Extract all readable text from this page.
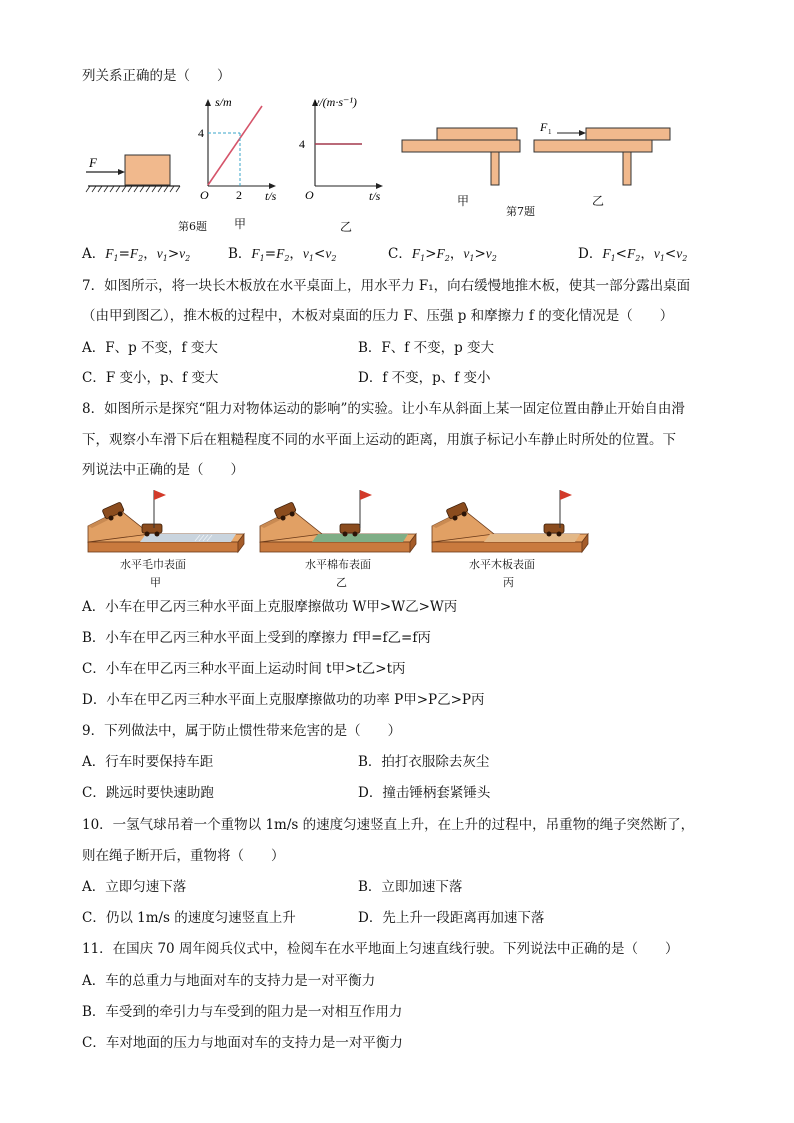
列关系正确的是（　　）
F
s/m
4
2
O	t/s
v/(m·s⁻¹)
4
O	t/s
F 1
第6题 甲	乙
甲
第7题
乙
A．$F_1=F_2$，$v_1>v_2$	B．$F_1=F_2$，$v_1<v_2$	C．$F_1>F_2$，$v_1>v_2$	D．$F_1<F_2$，$v_1<v_2$
7．如图所示，将一块长木板放在水平桌面上，用水平力 F₁，向右缓慢地推木板，使其一部分露出桌面
（由甲到图乙），推木板的过程中，木板对桌面的压力 F、压强 p 和摩擦力 f 的变化情况是（　　）
A．F、p 不变，f 变大	B．F、f 不变，p 变大
C．F 变小，p、f 变大	D．f 不变，p、f 变小
8．如图所示是探究“阻力对物体运动的影响”的实验。让小车从斜面上某一固定位置由静止开始自由滑
下，观察小车滑下后在粗糙程度不同的水平面上运动的距离，用旗子标记小车静止时所处的位置。下
列说法中正确的是（　　）
水平毛巾表面
甲
水平棉布表面
乙
水平木板表面
丙
A．小车在甲乙丙三种水平面上克服摩擦做功 W甲>W乙>W丙
B．小车在甲乙丙三种水平面上受到的摩擦力 f甲=f乙=f丙
C．小车在甲乙丙三种水平面上运动时间 t甲>t乙>t丙
D．小车在甲乙丙三种水平面上克服摩擦做功的功率 P甲>P乙>P丙
9．下列做法中，属于防止惯性带来危害的是（　　）
A．行车时要保持车距	B．拍打衣服除去灰尘
C．跳远时要快速助跑	D．撞击锤柄套紧锤头
10．一氢气球吊着一个重物以 1m/s 的速度匀速竖直上升，在上升的过程中，吊重物的绳子突然断了，
则在绳子断开后，重物将（　　）
A．立即匀速下落	B．立即加速下落
C．仍以 1m/s 的速度匀速竖直上升	D．先上升一段距离再加速下落
11．在国庆 70 周年阅兵仪式中，检阅车在水平地面上匀速直线行驶。下列说法中正确的是（　　）
A．车的总重力与地面对车的支持力是一对平衡力
B．车受到的牵引力与车受到的阻力是一对相互作用力
C．车对地面的压力与地面对车的支持力是一对平衡力
